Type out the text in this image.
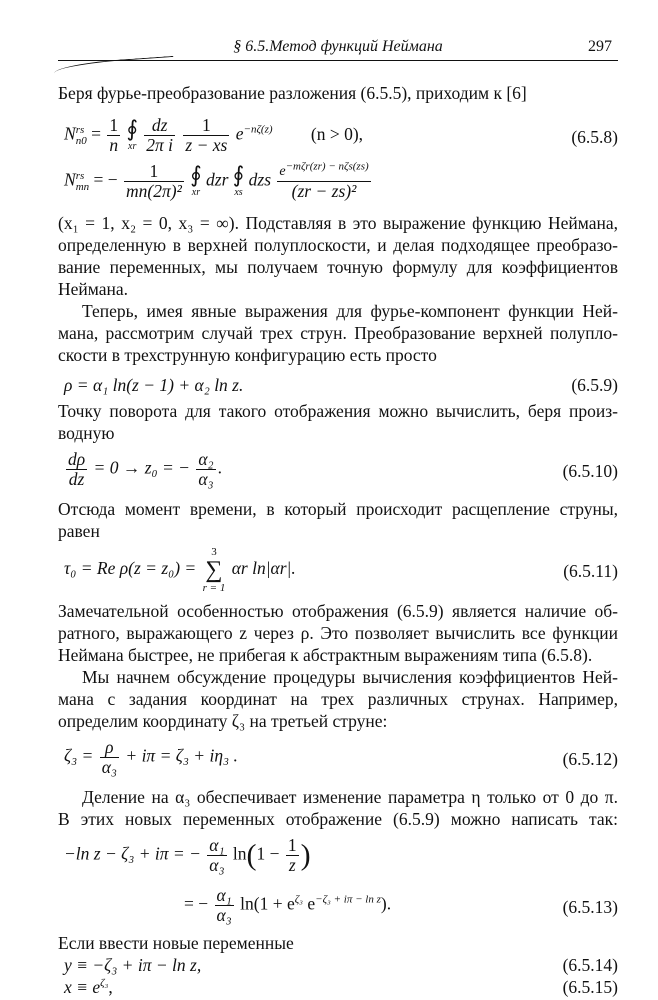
§ 6.5.Метод функций Неймана	297
Беря фурье-преобразование разложения (6.5.5), приходим к [6]
N rs
$n0 = \frac{1}{n}$
∮
xr
$\frac{dz}{\text{2π i}}$
$\frac{1}{z - xs} e^{-n\zeta(z)}$ (n > 0),	(6.5.8)
N rs
mn = − $\frac{1}{\text{mn(2π)²}}$
∮
xr
dzr ∮
xs
dzs $\frac{e^{-m\zeta r(zr) - n\zeta s(zs)}}{\text{(zr − zs)²}}$
(x₁ = 1, x₂ = 0, x₃ = ∞). Подставляя в это выражение функцию Неймана,
определенную в верхней полуплоскости, и делая подходящее преобразо-
вание переменных, мы получаем точную формулу для коэффициентов
Неймана.
Теперь, имея явные выражения для фурье-компонент функции Ней-
мана, рассмотрим случай трех струн. Преобразование верхней полупло-
скости в трехструнную конфигурацию есть просто
ρ = α₁ ln(z − 1) + α₂ ln z.	(6.5.9)
Точку поворота для такого отображения можно вычислить, беря произ-
водную
$\frac{d\rho}{dz} = 0 \to z_0$ = − $\frac{\text{α₂}}{\text{α₃}}$ .	(6.5.10)
Отсюда момент времени, в который происходит расщепление струны,
равен
τ₀ = Re ρ(z = z₀) =
3
∑
r = 1
αr ln|αr|.	(6.5.11)
Замечательной особенностью отображения (6.5.9) является наличие об-
ратного, выражающего z через ρ. Это позволяет вычислить все функции
Неймана быстрее, не прибегая к абстрактным выражениям типа (6.5.8).
Мы начнем обсуждение процедуры вычисления коэффициентов Ней-
мана с задания координат на трех различных струнах. Например,
определим координату ζ₃ на третьей струне:
$\zeta_3 = \frac{\rho}{\text{α₃}} + i\pi = \zeta_3 + i\eta_3$ .	(6.5.12)
Деление на α₃ обеспечивает изменение параметра η только от 0 до π.
В этих новых переменных отображение (6.5.9) можно написать так:
−ln z − ζ₃ + iπ = − $\frac{\text{α₁}}{\text{α₃}} \ln(1 - \frac{1}{z}$ )
= − $\frac{\text{α₁}}{\text{α₃}} \ln(1 + e^{\zeta_3}$ $e^{-\zeta_3 + i\pi - ln z}$).	(6.5.13)
Если ввести новые переменные
y ≡ −ζ₃ + iπ − ln z,	(6.5.14)
$x \equiv e^{\zeta_3}$,	(6.5.15)
